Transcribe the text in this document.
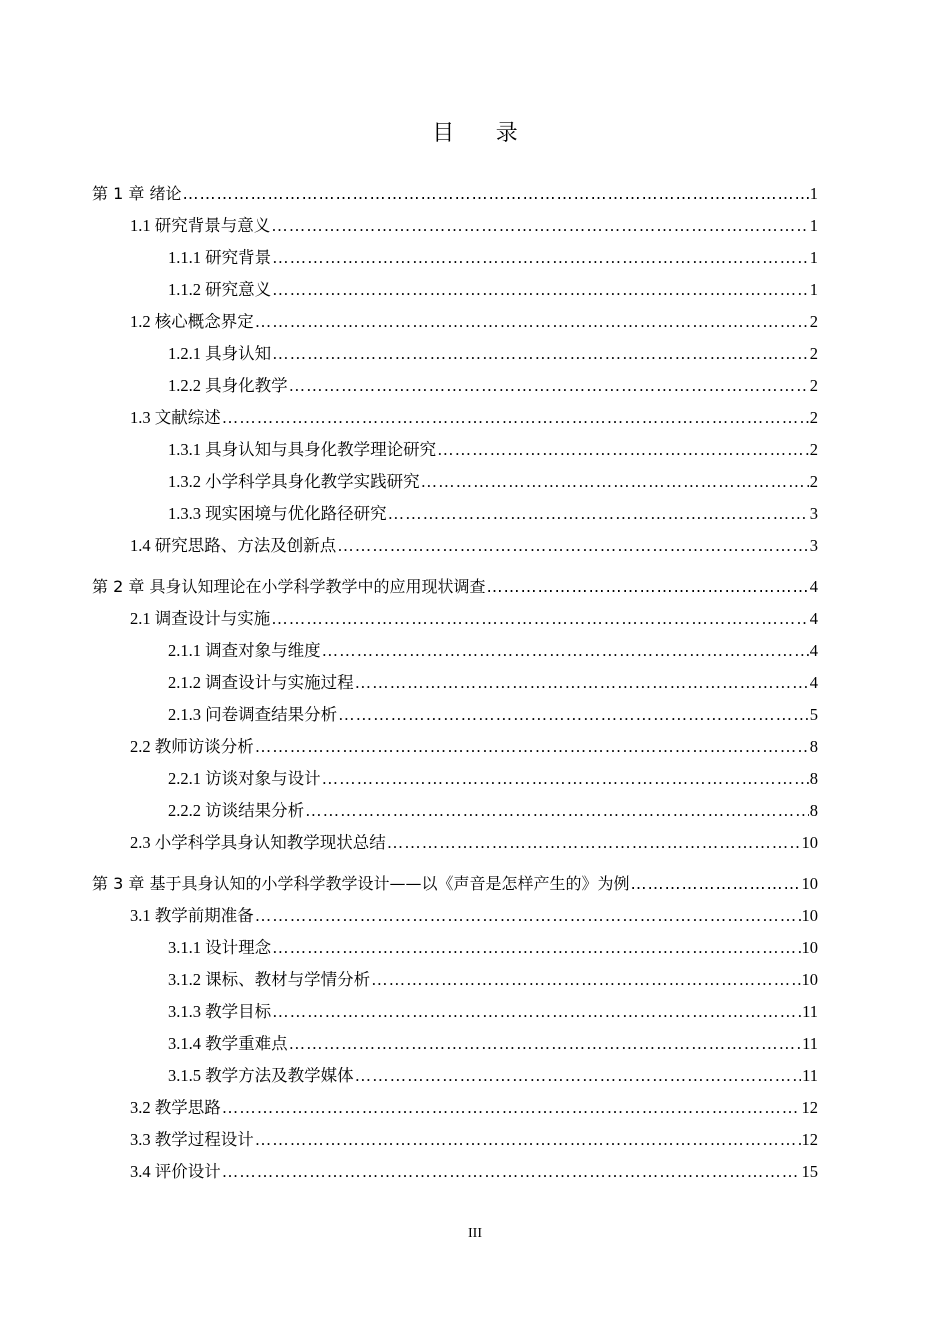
目 录
第 1 章 绪论 ……………………………………………………………………………………………………………………………………………………………………………………………………	1
1.1 研究背景与意义 ……………………………………………………………………………………………………………………………………………………………………………………………………	1
1.1.1 研究背景 ……………………………………………………………………………………………………………………………………………………………………………………………………	1
1.1.2 研究意义 ……………………………………………………………………………………………………………………………………………………………………………………………………	1
1.2 核心概念界定 ……………………………………………………………………………………………………………………………………………………………………………………………………	2
1.2.1 具身认知 ……………………………………………………………………………………………………………………………………………………………………………………………………	2
1.2.2 具身化教学 ……………………………………………………………………………………………………………………………………………………………………………………………………	2
1.3 文献综述 ……………………………………………………………………………………………………………………………………………………………………………………………………	2
1.3.1 具身认知与具身化教学理论研究 ……………………………………………………………………………………………………………………………………………………………………………………………………	2
1.3.2 小学科学具身化教学实践研究 ……………………………………………………………………………………………………………………………………………………………………………………………………	2
1.3.3 现实困境与优化路径研究 ……………………………………………………………………………………………………………………………………………………………………………………………………	3
1.4 研究思路、方法及创新点 ……………………………………………………………………………………………………………………………………………………………………………………………………	3
第 2 章 具身认知理论在小学科学教学中的应用现状调查 ……………………………………………………………………………………………………………………………………………………………………………………………………	4
2.1 调查设计与实施 ……………………………………………………………………………………………………………………………………………………………………………………………………	4
2.1.1 调查对象与维度 ……………………………………………………………………………………………………………………………………………………………………………………………………	4
2.1.2 调查设计与实施过程 ……………………………………………………………………………………………………………………………………………………………………………………………………	4
2.1.3 问卷调查结果分析 ……………………………………………………………………………………………………………………………………………………………………………………………………	5
2.2 教师访谈分析 ……………………………………………………………………………………………………………………………………………………………………………………………………	8
2.2.1 访谈对象与设计 ……………………………………………………………………………………………………………………………………………………………………………………………………	8
2.2.2 访谈结果分析 ……………………………………………………………………………………………………………………………………………………………………………………………………	8
2.3 小学科学具身认知教学现状总结 ……………………………………………………………………………………………………………………………………………………………………………………………………	10
第 3 章 基于具身认知的小学科学教学设计——以《声音是怎样产生的》为例 ……………………………………………………………………………………………………………………………………………………………………………………………………	10
3.1 教学前期准备 ……………………………………………………………………………………………………………………………………………………………………………………………………	10
3.1.1 设计理念 ……………………………………………………………………………………………………………………………………………………………………………………………………	10
3.1.2 课标、教材与学情分析 ……………………………………………………………………………………………………………………………………………………………………………………………………	10
3.1.3 教学目标 ……………………………………………………………………………………………………………………………………………………………………………………………………	11
3.1.4 教学重难点 ……………………………………………………………………………………………………………………………………………………………………………………………………	11
3.1.5 教学方法及教学媒体 ……………………………………………………………………………………………………………………………………………………………………………………………………	11
3.2 教学思路 ……………………………………………………………………………………………………………………………………………………………………………………………………	12
3.3 教学过程设计 ……………………………………………………………………………………………………………………………………………………………………………………………………	12
3.4 评价设计 ……………………………………………………………………………………………………………………………………………………………………………………………………	15
III
